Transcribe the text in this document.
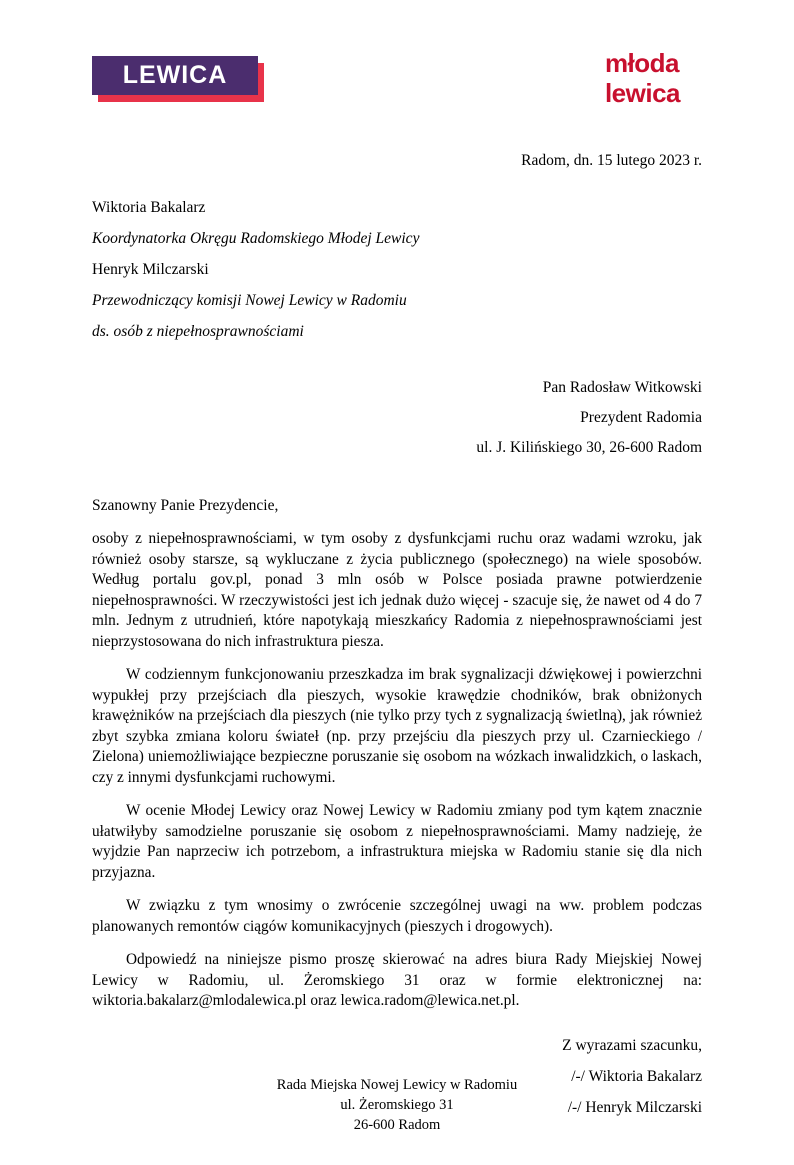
LEWICA	młoda
lewica
Radom, dn. 15 lutego 2023 r.
Wiktoria Bakalarz
Koordynatorka Okręgu Radomskiego Młodej Lewicy
Henryk Milczarski
Przewodniczący komisji Nowej Lewicy w Radomiu
ds. osób z niepełnosprawnościami
Pan Radosław Witkowski
Prezydent Radomia
ul. J. Kilińskiego 30, 26-600 Radom
Szanowny Panie Prezydencie,

osoby z niepełnosprawnościami, w tym osoby z dysfunkcjami ruchu oraz wadami wzroku, jak również osoby starsze, są wykluczane z życia publicznego (społecznego) na wiele sposobów. Według portalu gov.pl, ponad 3 mln osób w Polsce posiada prawne potwierdzenie niepełnosprawności. W rzeczywistości jest ich jednak dużo więcej - szacuje się, że nawet od 4 do 7 mln. Jednym z utrudnień, które napotykają mieszkańcy Radomia z niepełnosprawnościami jest nieprzystosowana do nich infrastruktura piesza.

W codziennym funkcjonowaniu przeszkadza im brak sygnalizacji dźwiękowej i powierzchni wypukłej przy przejściach dla pieszych, wysokie krawędzie chodników, brak obniżonych krawężników na przejściach dla pieszych (nie tylko przy tych z sygnalizacją świetlną), jak również zbyt szybka zmiana koloru świateł (np. przy przejściu dla pieszych przy ul. Czarnieckiego / Zielona) uniemożliwiające bezpieczne poruszanie się osobom na wózkach inwalidzkich, o laskach, czy z innymi dysfunkcjami ruchowymi.

W ocenie Młodej Lewicy oraz Nowej Lewicy w Radomiu zmiany pod tym kątem znacznie ułatwiłyby samodzielne poruszanie się osobom z niepełnosprawnościami. Mamy nadzieję, że wyjdzie Pan naprzeciw ich potrzebom, a infrastruktura miejska w Radomiu stanie się dla nich przyjazna.

W związku z tym wnosimy o zwrócenie szczególnej uwagi na ww. problem podczas planowanych remontów ciągów komunikacyjnych (pieszych i drogowych).

Odpowiedź na niniejsze pismo proszę skierować na adres biura Rady Miejskiej Nowej Lewicy w Radomiu, ul. Żeromskiego 31 oraz w formie elektronicznej na: wiktoria.bakalarz@mlodalewica.pl oraz lewica.radom@lewica.net.pl.

Z wyrazami szacunku,
/-/ Wiktoria Bakalarz
/-/ Henryk Milczarski
Rada Miejska Nowej Lewicy w Radomiu
ul. Żeromskiego 31
26-600 Radom
